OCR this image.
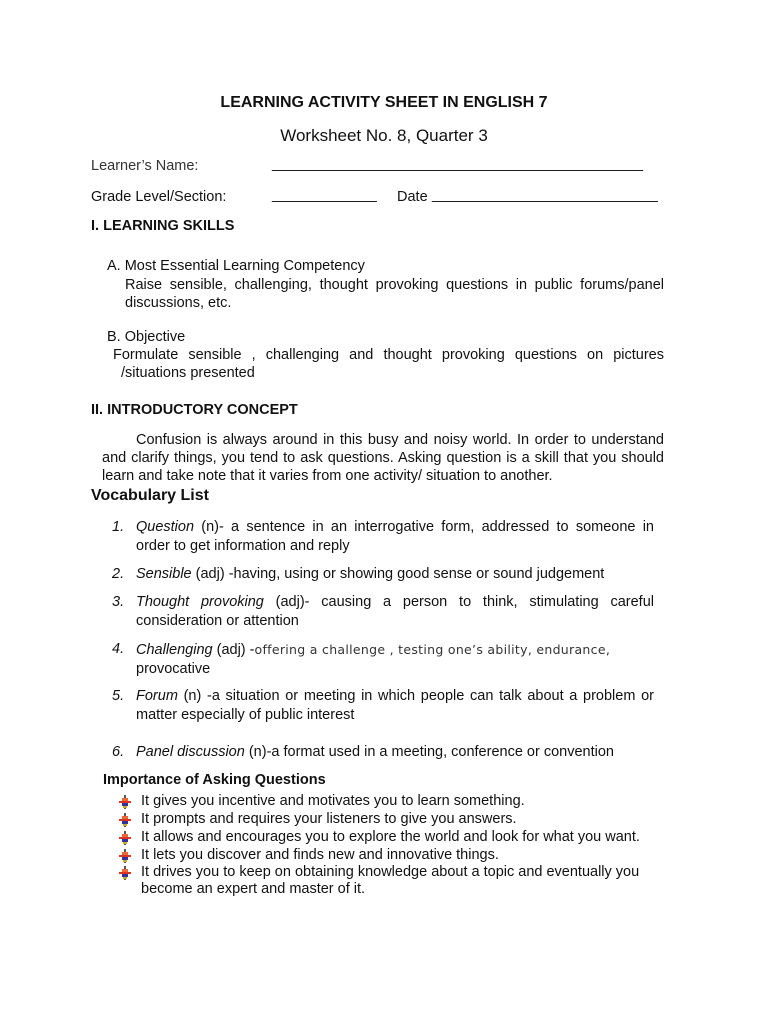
LEARNING ACTIVITY SHEET IN ENGLISH 7
Worksheet No. 8, Quarter 3
Learner’s Name:	______________________________________________
Grade Level/Section:	_____________ Date ____________________________
I. LEARNING SKILLS
A. Most Essential Learning Competency
Raise sensible, challenging, thought provoking questions in public forums/panel discussions, etc.
B. Objective
Formulate sensible , challenging and thought provoking questions on pictures
/situations presented
II. INTRODUCTORY CONCEPT
Confusion is always around in this busy and noisy world. In order to understand and clarify things, you tend to ask questions. Asking question is a skill that you should learn and take note that it varies from one activity/ situation to another.
Vocabulary List
1. Question (n)- a sentence in an interrogative form, addressed to someone in order to get information and reply
2. Sensible (adj) -having, using or showing good sense or sound judgement
3. Thought provoking (adj)- causing a person to think, stimulating careful consideration or attention
4. Challenging (adj) -offering a challenge , testing one’s ability, endurance,
provocative
5. Forum (n) -a situation or meeting in which people can talk about a problem or matter especially of public interest
6. Panel discussion (n)-a format used in a meeting, conference or convention
Importance of Asking Questions
It gives you incentive and motivates you to learn something.
It prompts and requires your listeners to give you answers.
It allows and encourages you to explore the world and look for what you want.
It lets you discover and finds new and innovative things.
It drives you to keep on obtaining knowledge about a topic and eventually you become an expert and master of it.
